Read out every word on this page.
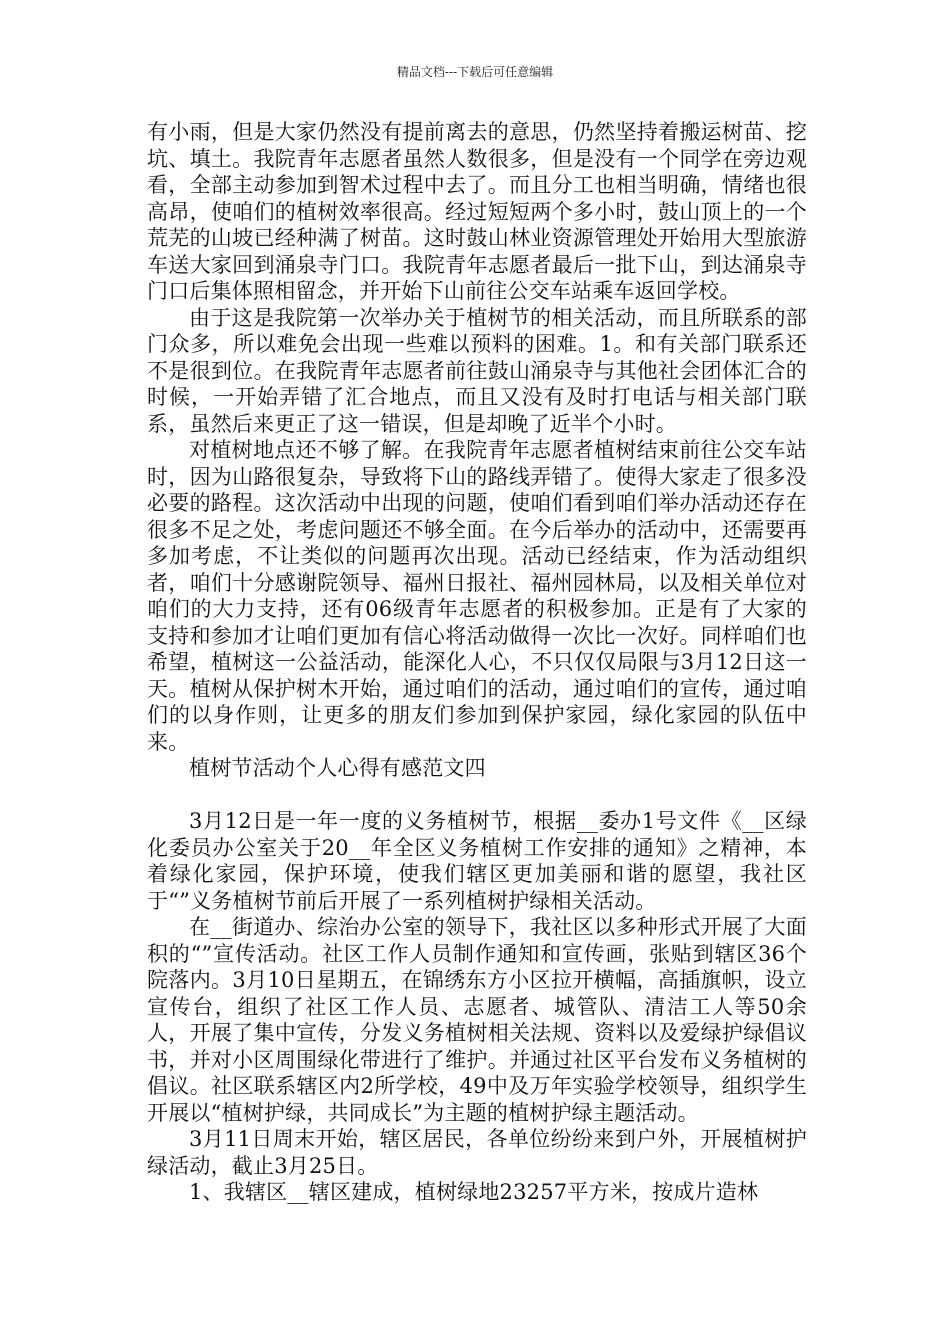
精品文档---下载后可任意编辑

有小雨，但是大家仍然没有提前离去的意思，仍然坚持着搬运树苗、挖坑、填土。我院青年志愿者虽然人数很多，但是没有一个同学在旁边观看，全部主动参加到智术过程中去了。而且分工也相当明确，情绪也很高昂，使咱们的植树效率很高。经过短短两个多小时，鼓山顶上的一个荒芜的山坡已经种满了树苗。这时鼓山林业资源管理处开始用大型旅游车送大家回到涌泉寺门口。我院青年志愿者最后一批下山，到达涌泉寺门口后集体照相留念，并开始下山前往公交车站乘车返回学校。

由于这是我院第一次举办关于植树节的相关活动，而且所联系的部门众多，所以难免会出现一些难以预料的困难。1。和有关部门联系还不是很到位。在我院青年志愿者前往鼓山涌泉寺与其他社会团体汇合的时候，一开始弄错了汇合地点，而且又没有及时打电话与相关部门联系，虽然后来更正了这一错误，但是却晚了近半个小时。

对植树地点还不够了解。在我院青年志愿者植树结束前往公交车站时，因为山路很复杂，导致将下山的路线弄错了。使得大家走了很多没必要的路程。这次活动中出现的问题，使咱们看到咱们举办活动还存在很多不足之处，考虑问题还不够全面。在今后举办的活动中，还需要再多加考虑，不让类似的问题再次出现。活动已经结束，作为活动组织者，咱们十分感谢院领导、福州日报社、福州园林局，以及相关单位对咱们的大力支持，还有06级青年志愿者的积极参加。正是有了大家的支持和参加才让咱们更加有信心将活动做得一次比一次好。同样咱们也希望，植树这一公益活动，能深化人心，不只仅仅局限与3月12日这一天。植树从保护树木开始，通过咱们的活动，通过咱们的宣传，通过咱们的以身作则，让更多的朋友们参加到保护家园，绿化家园的队伍中来。

植树节活动个人心得有感范文四

3月12日是一年一度的义务植树节，根据__委办1号文件《__区绿化委员办公室关于20__年全区义务植树工作安排的通知》之精神，本着绿化家园，保护环境，使我们辖区更加美丽和谐的愿望，我社区于“”义务植树节前后开展了一系列植树护绿相关活动。

在__街道办、综治办公室的领导下，我社区以多种形式开展了大面积的“”宣传活动。社区工作人员制作通知和宣传画，张贴到辖区36个院落内。3月10日星期五，在锦绣东方小区拉开横幅，高插旗帜，设立宣传台，组织了社区工作人员、志愿者、城管队、清洁工人等50余人，开展了集中宣传，分发义务植树相关法规、资料以及爱绿护绿倡议书，并对小区周围绿化带进行了维护。并通过社区平台发布义务植树的倡议。社区联系辖区内2所学校，49中及万年实验学校领导，组织学生开展以“植树护绿，共同成长”为主题的植树护绿主题活动。

3月11日周末开始，辖区居民，各单位纷纷来到户外，开展植树护绿活动，截止3月25日。

1、我辖区__辖区建成，植树绿地23257平方米，按成片造林
